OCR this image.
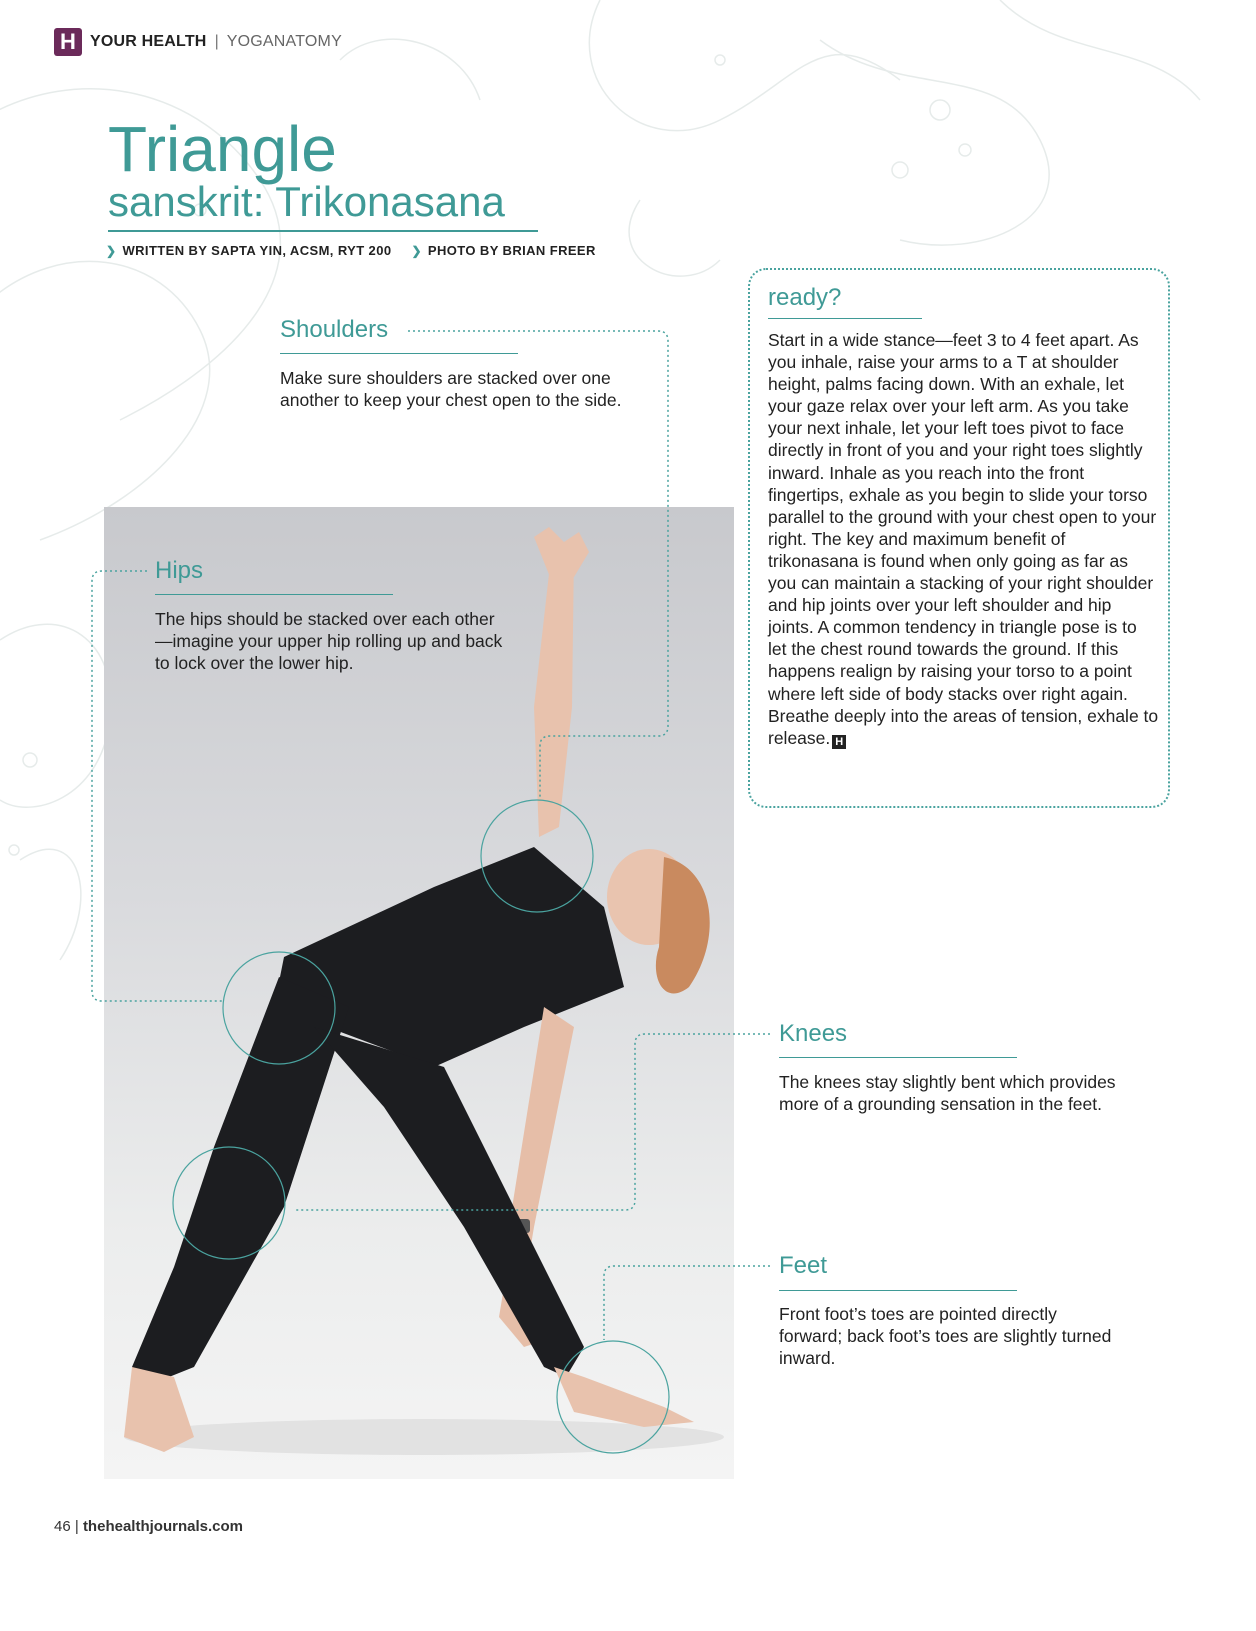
H YOUR HEALTH | YOGANATOMY
Triangle
sanskrit: Trikonasana
❯ WRITTEN BY SAPTA YIN, ACSM, RYT 200 ❯ PHOTO BY BRIAN FREER
Shoulders
Make sure shoulders are stacked over one another to keep your chest open to the side.
Hips
The hips should be stacked over each other—imagine your upper hip rolling up and back to lock over the lower hip.
ready?
Start in a wide stance—feet 3 to 4 feet apart. As you inhale, raise your arms to a T at shoulder height, palms facing down. With an exhale, let your gaze relax over your left arm. As you take your next inhale, let your left toes pivot to face directly in front of you and your right toes slightly inward. Inhale as you reach into the front fingertips, exhale as you begin to slide your torso parallel to the ground with your chest open to your right. The key and maximum benefit of trikonasana is found when only going as far as you can maintain a stacking of your right shoulder and hip joints over your left shoulder and hip joints. A common tendency in triangle pose is to let the chest round towards the ground. If this happens realign by raising your torso to a point where left side of body stacks over right again. Breathe deeply into the areas of tension, exhale to release. H
Knees
The knees stay slightly bent which provides more of a grounding sensation in the feet.
Feet
Front foot’s toes are pointed directly forward; back foot’s toes are slightly turned inward.
46 | thehealthjournals.com
